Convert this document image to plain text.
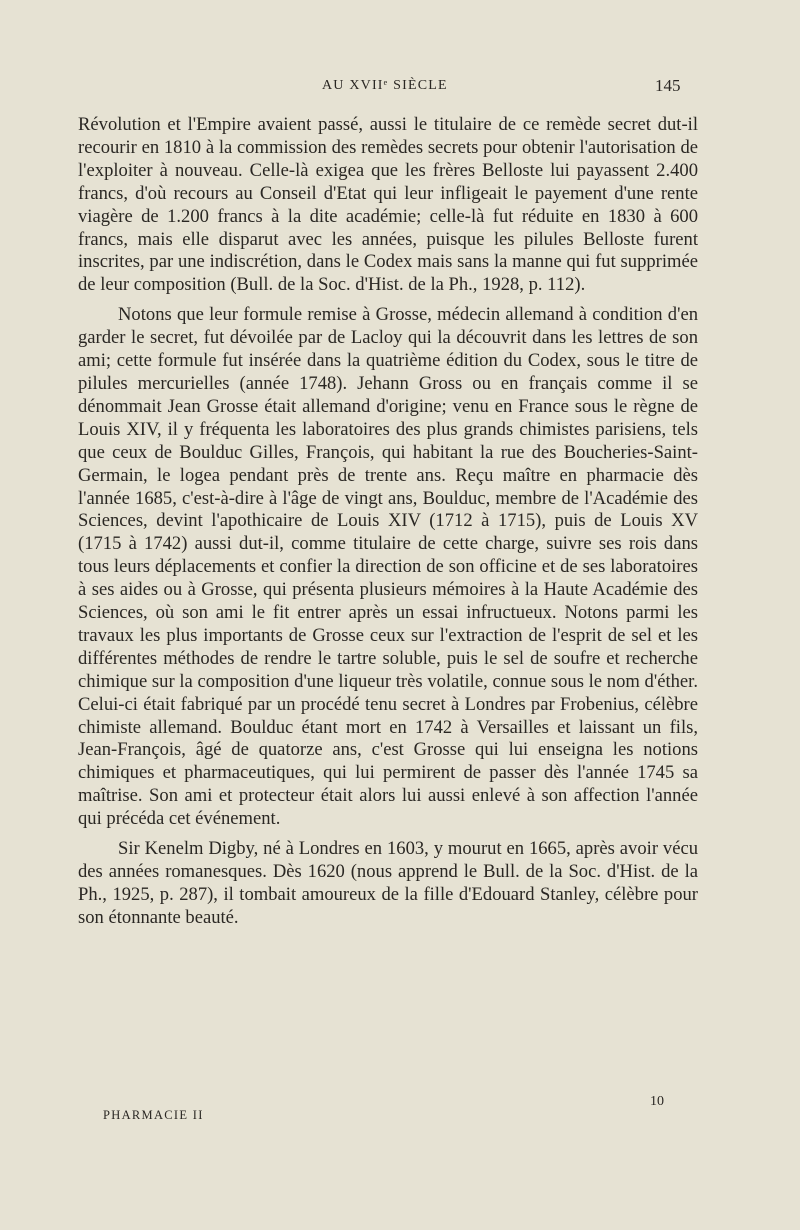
AU XVIIᵉ SIÈCLE	145

Révolution et l'Empire avaient passé, aussi le titulaire de ce remède secret dut-il recourir en 1810 à la commission des remèdes secrets pour obtenir l'autorisation de l'exploiter à nouveau. Celle-là exigea que les frères Belloste lui payassent 2.400 francs, d'où recours au Conseil d'Etat qui leur infligeait le payement d'une rente viagère de 1.200 francs à la dite académie; celle-là fut réduite en 1830 à 600 francs, mais elle disparut avec les années, puisque les pilules Belloste furent inscrites, par une indiscrétion, dans le Codex mais sans la manne qui fut supprimée de leur composition (Bull. de la Soc. d'Hist. de la Ph., 1928, p. 112).

Notons que leur formule remise à Grosse, médecin allemand à condition d'en garder le secret, fut dévoilée par de Lacloy qui la découvrit dans les lettres de son ami; cette formule fut insérée dans la quatrième édition du Codex, sous le titre de pilules mercurielles (année 1748). Jehann Gross ou en français comme il se dénommait Jean Grosse était allemand d'origine; venu en France sous le règne de Louis XIV, il y fréquenta les laboratoires des plus grands chimistes parisiens, tels que ceux de Boulduc Gilles, François, qui habitant la rue des Boucheries-Saint-Germain, le logea pendant près de trente ans. Reçu maître en pharmacie dès l'année 1685, c'est-à-dire à l'âge de vingt ans, Boulduc, membre de l'Académie des Sciences, devint l'apothicaire de Louis XIV (1712 à 1715), puis de Louis XV (1715 à 1742) aussi dut-il, comme titulaire de cette charge, suivre ses rois dans tous leurs déplacements et confier la direction de son officine et de ses laboratoires à ses aides ou à Grosse, qui présenta plusieurs mémoires à la Haute Académie des Sciences, où son ami le fit entrer après un essai infructueux. Notons parmi les travaux les plus importants de Grosse ceux sur l'extraction de l'esprit de sel et les différentes méthodes de rendre le tartre soluble, puis le sel de soufre et recherche chimique sur la composition d'une liqueur très volatile, connue sous le nom d'éther. Celui-ci était fabriqué par un procédé tenu secret à Londres par Frobenius, célèbre chimiste allemand. Boulduc étant mort en 1742 à Versailles et laissant un fils, Jean-François, âgé de quatorze ans, c'est Grosse qui lui enseigna les notions chimiques et pharmaceutiques, qui lui permirent de passer dès l'année 1745 sa maîtrise. Son ami et protecteur était alors lui aussi enlevé à son affection l'année qui précéda cet événement.

Sir Kenelm Digby, né à Londres en 1603, y mourut en 1665, après avoir vécu des années romanesques. Dès 1620 (nous apprend le Bull. de la Soc. d'Hist. de la Ph., 1925, p. 287), il tombait amoureux de la fille d'Edouard Stanley, célèbre pour son étonnante beauté.

PHARMACIE II
10
